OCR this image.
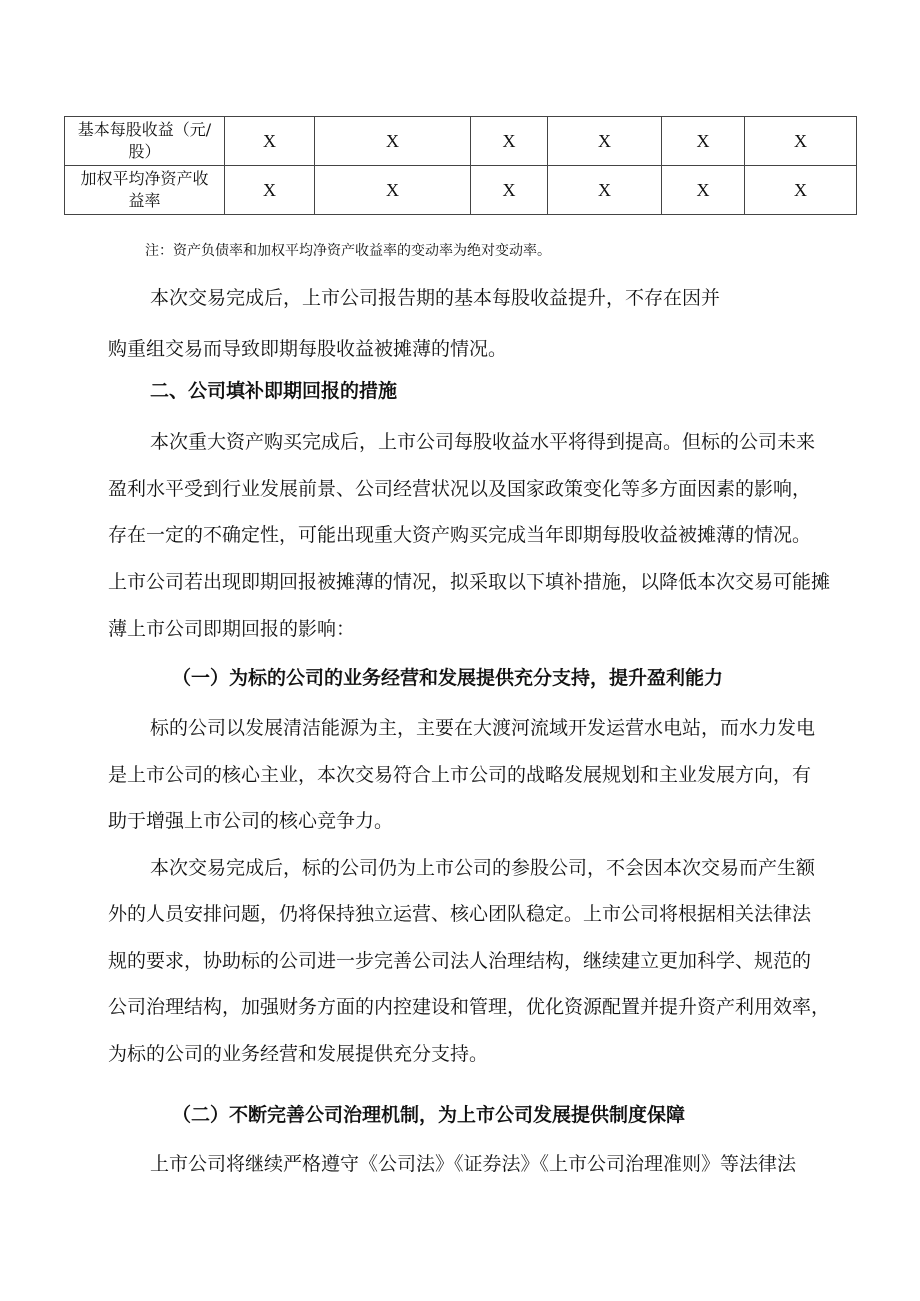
基本每股收益（元/
股）	X	X	X	X	X	X
加权平均净资产收
益率	X	X	X	X	X	X
注：资产负债率和加权平均净资产收益率的变动率为绝对变动率。
本次交易完成后，上市公司报告期的基本每股收益提升，不存在因并
购重组交易而导致即期每股收益被摊薄的情况。
二、公司填补即期回报的措施
本次重大资产购买完成后，上市公司每股收益水平将得到提高。但标的公司未来
盈利水平受到行业发展前景、公司经营状况以及国家政策变化等多方面因素的影响，
存在一定的不确定性，可能出现重大资产购买完成当年即期每股收益被摊薄的情况。
上市公司若出现即期回报被摊薄的情况，拟采取以下填补措施，以降低本次交易可能摊
薄上市公司即期回报的影响：
（一）为标的公司的业务经营和发展提供充分支持，提升盈利能力
标的公司以发展清洁能源为主，主要在大渡河流域开发运营水电站，而水力发电
是上市公司的核心主业，本次交易符合上市公司的战略发展规划和主业发展方向，有
助于增强上市公司的核心竞争力。
本次交易完成后，标的公司仍为上市公司的参股公司，不会因本次交易而产生额
外的人员安排问题，仍将保持独立运营、核心团队稳定。上市公司将根据相关法律法
规的要求，协助标的公司进一步完善公司法人治理结构，继续建立更加科学、规范的
公司治理结构，加强财务方面的内控建设和管理，优化资源配置并提升资产利用效率，
为标的公司的业务经营和发展提供充分支持。
（二）不断完善公司治理机制，为上市公司发展提供制度保障
上市公司将继续严格遵守《公司法》《证券法》《上市公司治理准则》等法律法
